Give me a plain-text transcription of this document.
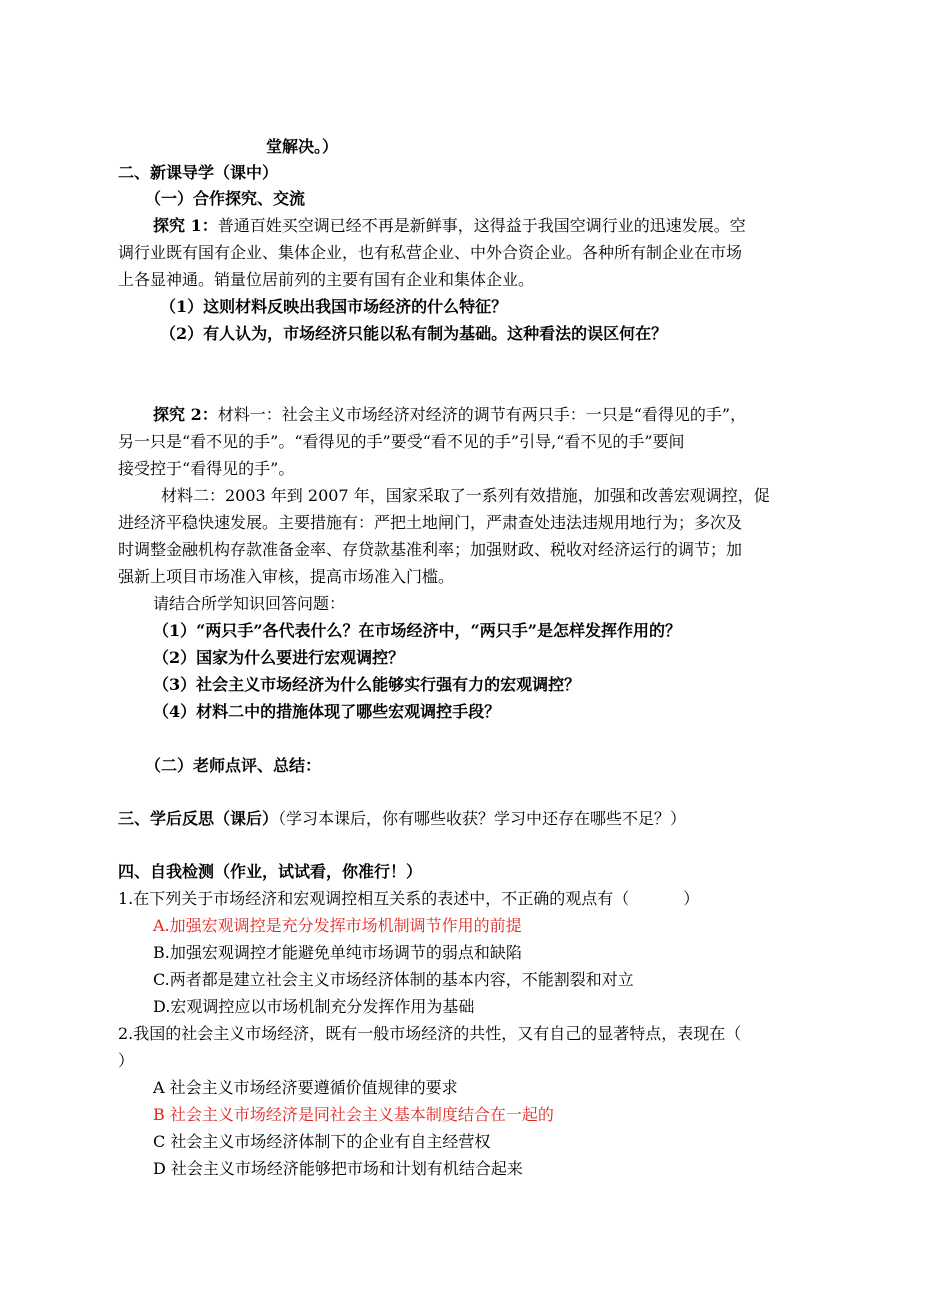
堂解决。）
二、新课导学（课中）
（一）合作探究、交流
探究 1：普通百姓买空调已经不再是新鲜事，这得益于我国空调行业的迅速发展。空
调行业既有国有企业、集体企业，也有私营企业、中外合资企业。各种所有制企业在市场
上各显神通。销量位居前列的主要有国有企业和集体企业。
（1）这则材料反映出我国市场经济的什么特征？
（2）有人认为，市场经济只能以私有制为基础。这种看法的误区何在？
探究 2：材料一：社会主义市场经济对经济的调节有两只手：一只是“看得见的手”，
另一只是“看不见的手”。“看得见的手”要受“看不见的手”引导,“看不见的手”要间
接受控于“看得见的手”。
材料二：2003 年到 2007 年，国家采取了一系列有效措施，加强和改善宏观调控，促
进经济平稳快速发展。主要措施有：严把土地闸门，严肃查处违法违规用地行为；多次及
时调整金融机构存款准备金率、存贷款基准利率；加强财政、税收对经济运行的调节；加
强新上项目市场准入审核，提高市场准入门槛。
请结合所学知识回答问题：
（1）“两只手”各代表什么？在市场经济中，“两只手”是怎样发挥作用的？
（2）国家为什么要进行宏观调控？
（3）社会主义市场经济为什么能够实行强有力的宏观调控？
（4）材料二中的措施体现了哪些宏观调控手段？
（二）老师点评、总结：
三、学后反思（课后）（学习本课后，你有哪些收获？学习中还存在哪些不足？）
四、自我检测（作业，试试看，你准行！）
1.在下列关于市场经济和宏观调控相互关系的表述中，不正确的观点有（	）
A.加强宏观调控是充分发挥市场机制调节作用的前提
B.加强宏观调控才能避免单纯市场调节的弱点和缺陷
C.两者都是建立社会主义市场经济体制的基本内容，不能割裂和对立
D.宏观调控应以市场机制充分发挥作用为基础
2.我国的社会主义市场经济，既有一般市场经济的共性，又有自己的显著特点，表现在（
）
A 社会主义市场经济要遵循价值规律的要求
B 社会主义市场经济是同社会主义基本制度结合在一起的
C 社会主义市场经济体制下的企业有自主经营权
D 社会主义市场经济能够把市场和计划有机结合起来
